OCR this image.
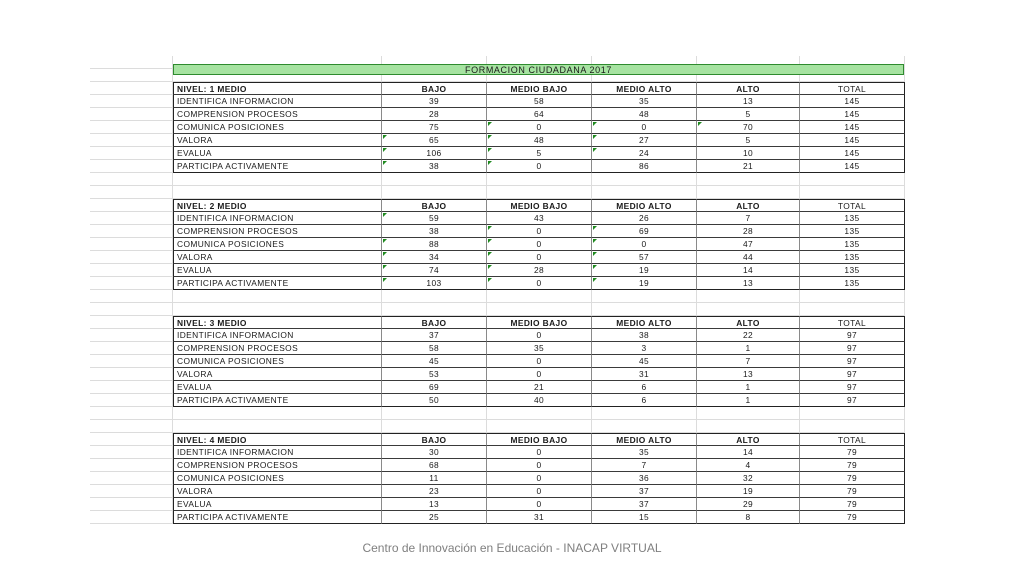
NIVEL: 1 MEDIO	BAJO	MEDIO BAJO	MEDIO ALTO	ALTO	TOTAL
IDENTIFICA INFORMACION	39	58	35	13	145
COMPRENSION PROCESOS	28	64	48	5	145
COMUNICA POSICIONES	75	0	0	70	145
VALORA	65	48	27	5	145
EVALUA	106	5	24	10	145
PARTICIPA ACTIVAMENTE	38	0	86	21	145
NIVEL: 2 MEDIO	BAJO	MEDIO BAJO	MEDIO ALTO	ALTO	TOTAL
IDENTIFICA INFORMACION	59	43	26	7	135
COMPRENSION PROCESOS	38	0	69	28	135
COMUNICA POSICIONES	88	0	0	47	135
VALORA	34	0	57	44	135
EVALUA	74	28	19	14	135
PARTICIPA ACTIVAMENTE	103	0	19	13	135
NIVEL: 3 MEDIO	BAJO	MEDIO BAJO	MEDIO ALTO	ALTO	TOTAL
IDENTIFICA INFORMACION	37	0	38	22	97
COMPRENSION PROCESOS	58	35	3	1	97
COMUNICA POSICIONES	45	0	45	7	97
VALORA	53	0	31	13	97
EVALUA	69	21	6	1	97
PARTICIPA ACTIVAMENTE	50	40	6	1	97
NIVEL: 4 MEDIO	BAJO	MEDIO BAJO	MEDIO ALTO	ALTO	TOTAL
IDENTIFICA INFORMACION	30	0	35	14	79
COMPRENSION PROCESOS	68	0	7	4	79
COMUNICA POSICIONES	11	0	36	32	79
VALORA	23	0	37	19	79
EVALUA	13	0	37	29	79
PARTICIPA ACTIVAMENTE	25	31	15	8	79
FORMACION CIUDADANA 2017
Centro de Innovación en Educación - INACAP VIRTUAL
